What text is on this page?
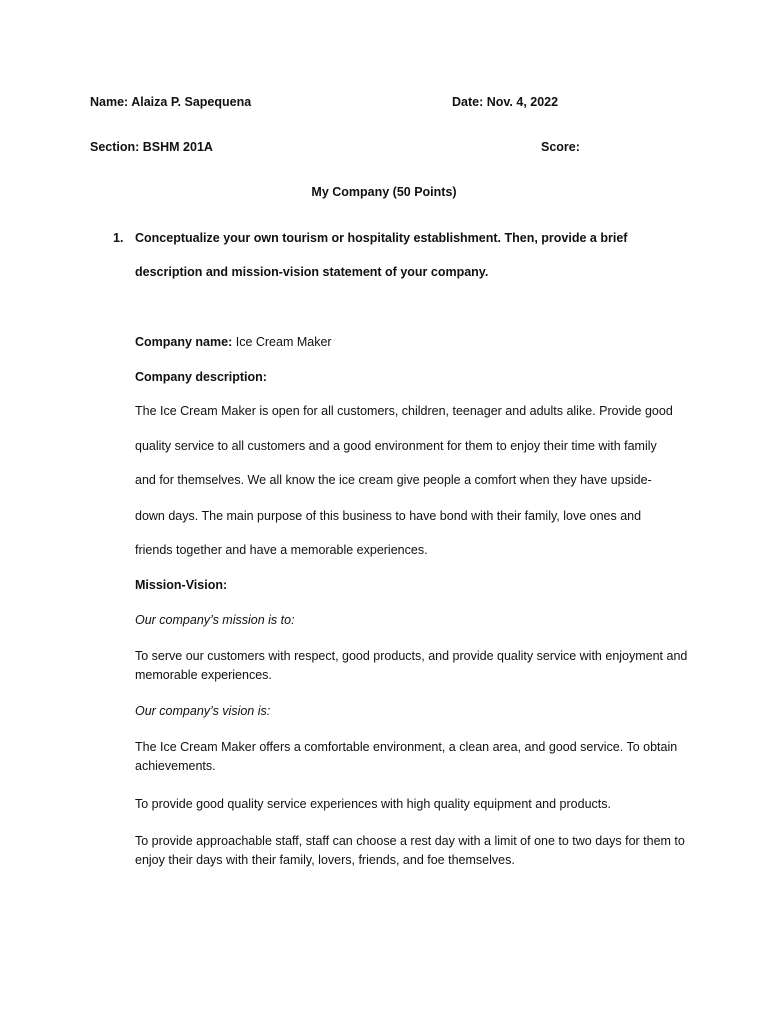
Name: Alaiza P. Sapequena	Date: Nov. 4, 2022
Section: BSHM 201A	Score:
My Company (50 Points)
1. Conceptualize your own tourism or hospitality establishment. Then, provide a brief
description and mission-vision statement of your company.
Company name: Ice Cream Maker
Company description:
The Ice Cream Maker is open for all customers, children, teenager and adults alike. Provide good
quality service to all customers and a good environment for them to enjoy their time with family
and for themselves. We all know the ice cream give people a comfort when they have upside-
down days. The main purpose of this business to have bond with their family, love ones and
friends together and have a memorable experiences.
Mission-Vision:
Our company’s mission is to:
To serve our customers with respect, good products, and provide quality service with enjoyment and memorable experiences.
Our company’s vision is:
The Ice Cream Maker offers a comfortable environment, a clean area, and good service. To obtain achievements.
To provide good quality service experiences with high quality equipment and products.
To provide approachable staff, staff can choose a rest day with a limit of one to two days for them to enjoy their days with their family, lovers, friends, and foe themselves.
